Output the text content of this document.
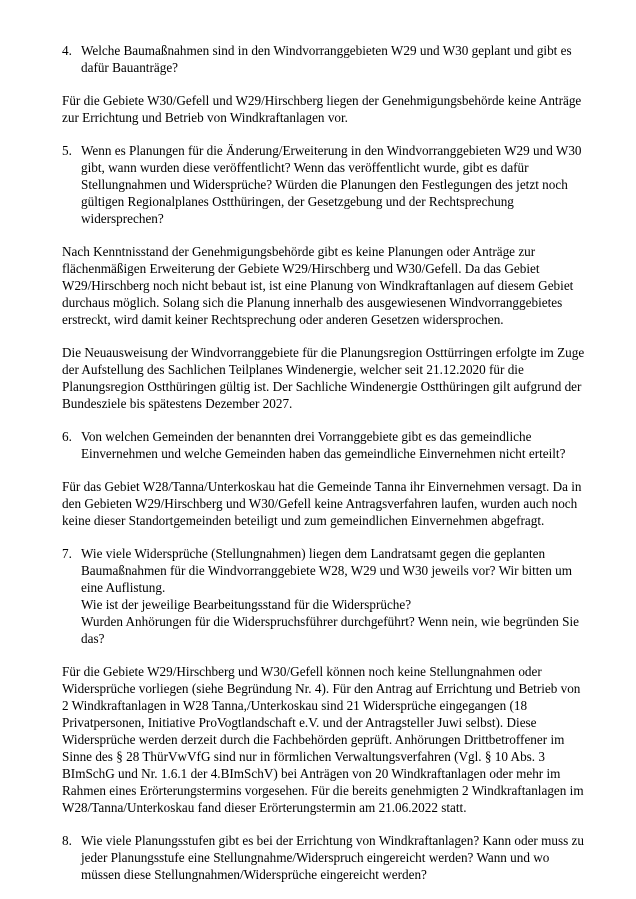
4. Welche Baumaßnahmen sind in den Windvorranggebieten W29 und W30 geplant und gibt es dafür Bauanträge?

Für die Gebiete W30/Gefell und W29/Hirschberg liegen der Genehmigungsbehörde keine Anträge zur Errichtung und Betrieb von Windkraftanlagen vor.

5. Wenn es Planungen für die Änderung/Erweiterung in den Windvorranggebieten W29 und W30 gibt, wann wurden diese veröffentlicht? Wenn das veröffentlicht wurde, gibt es dafür Stellungnahmen und Widersprüche? Würden die Planungen den Festlegungen des jetzt noch gültigen Regionalplanes Ostthüringen, der Gesetzgebung und der Rechtsprechung widersprechen?

Nach Kenntnisstand der Genehmigungsbehörde gibt es keine Planungen oder Anträge zur flächenmäßigen Erweiterung der Gebiete W29/Hirschberg und W30/Gefell. Da das Gebiet W29/Hirschberg noch nicht bebaut ist, ist eine Planung von Windkraftanlagen auf diesem Gebiet durchaus möglich. Solang sich die Planung innerhalb des ausgewiesenen Windvorranggebietes erstreckt, wird damit keiner Rechtsprechung oder anderen Gesetzen widersprochen.

Die Neuausweisung der Windvorranggebiete für die Planungsregion Osttürringen erfolgte im Zuge der Aufstellung des Sachlichen Teilplanes Windenergie, welcher seit 21.12.2020 für die Planungsregion Ostthüringen gültig ist. Der Sachliche Windenergie Ostthüringen gilt aufgrund der Bundesziele bis spätestens Dezember 2027.

6. Von welchen Gemeinden der benannten drei Vorranggebiete gibt es das gemeindliche Einvernehmen und welche Gemeinden haben das gemeindliche Einvernehmen nicht erteilt?

Für das Gebiet W28/Tanna/Unterkoskau hat die Gemeinde Tanna ihr Einvernehmen versagt. Da in den Gebieten W29/Hirschberg und W30/Gefell keine Antragsverfahren laufen, wurden auch noch keine dieser Standortgemeinden beteiligt und zum gemeindlichen Einvernehmen abgefragt.

7. Wie viele Widersprüche (Stellungnahmen) liegen dem Landratsamt gegen die geplanten Baumaßnahmen für die Windvorranggebiete W28, W29 und W30 jeweils vor? Wir bitten um eine Auflistung.

Wie ist der jeweilige Bearbeitungsstand für die Widersprüche?

Wurden Anhörungen für die Widerspruchsführer durchgeführt? Wenn nein, wie begründen Sie das?

Für die Gebiete W29/Hirschberg und W30/Gefell können noch keine Stellungnahmen oder Widersprüche vorliegen (siehe Begründung Nr. 4). Für den Antrag auf Errichtung und Betrieb von 2 Windkraftanlagen in W28 Tanna,/Unterkoskau sind 21 Widersprüche eingegangen (18 Privatpersonen, Initiative ProVogtlandschaft e.V. und der Antragsteller Juwi selbst). Diese Widersprüche werden derzeit durch die Fachbehörden geprüft. Anhörungen Drittbetroffener im Sinne des § 28 ThürVwVfG sind nur in förmlichen Verwaltungsverfahren (Vgl. § 10 Abs. 3 BImSchG und Nr. 1.6.1 der 4.BImSchV) bei Anträgen von 20 Windkraftanlagen oder mehr im Rahmen eines Erörterungstermins vorgesehen. Für die bereits genehmigten 2 Windkraftanlagen im W28/Tanna/Unterkoskau fand dieser Erörterungstermin am 21.06.2022 statt.

8. Wie viele Planungsstufen gibt es bei der Errichtung von Windkraftanlagen? Kann oder muss zu jeder Planungsstufe eine Stellungnahme/Widerspruch eingereicht werden? Wann und wo müssen diese Stellungnahmen/Widersprüche eingereicht werden?
